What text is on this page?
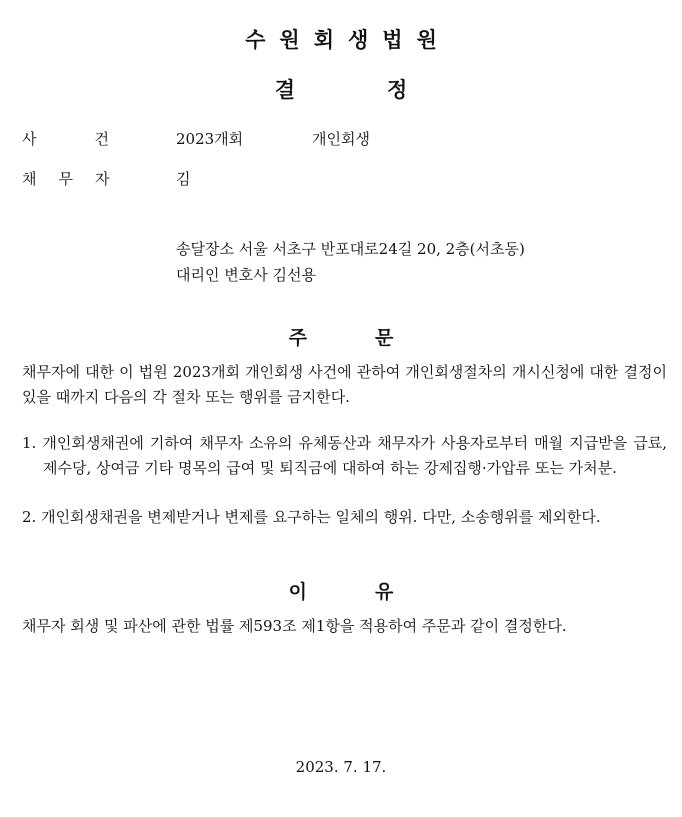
수원회생법원
결정
사건 2023개회	개인회생
채무자	김
송달장소 서울 서초구 반포대로24길 20, 2층(서초동)
대리인 변호사 김선용
주문
채무자에 대한 이 법원 2023개회 개인회생 사건에 관하여 개인회생절차의 개시신청에 대한 결정이 있을 때까지 다음의 각 절차 또는 행위를 금지한다.
1. 개인회생채권에 기하여 채무자 소유의 유체동산과 채무자가 사용자로부터 매월 지급받을 급료, 제수당, 상여금 기타 명목의 급여 및 퇴직금에 대하여 하는 강제집행·가압류 또는 가처분.
2. 개인회생채권을 변제받거나 변제를 요구하는 일체의 행위. 다만, 소송행위를 제외한다.
이유
채무자 회생 및 파산에 관한 법률 제593조 제1항을 적용하여 주문과 같이 결정한다.
2023. 7. 17.
